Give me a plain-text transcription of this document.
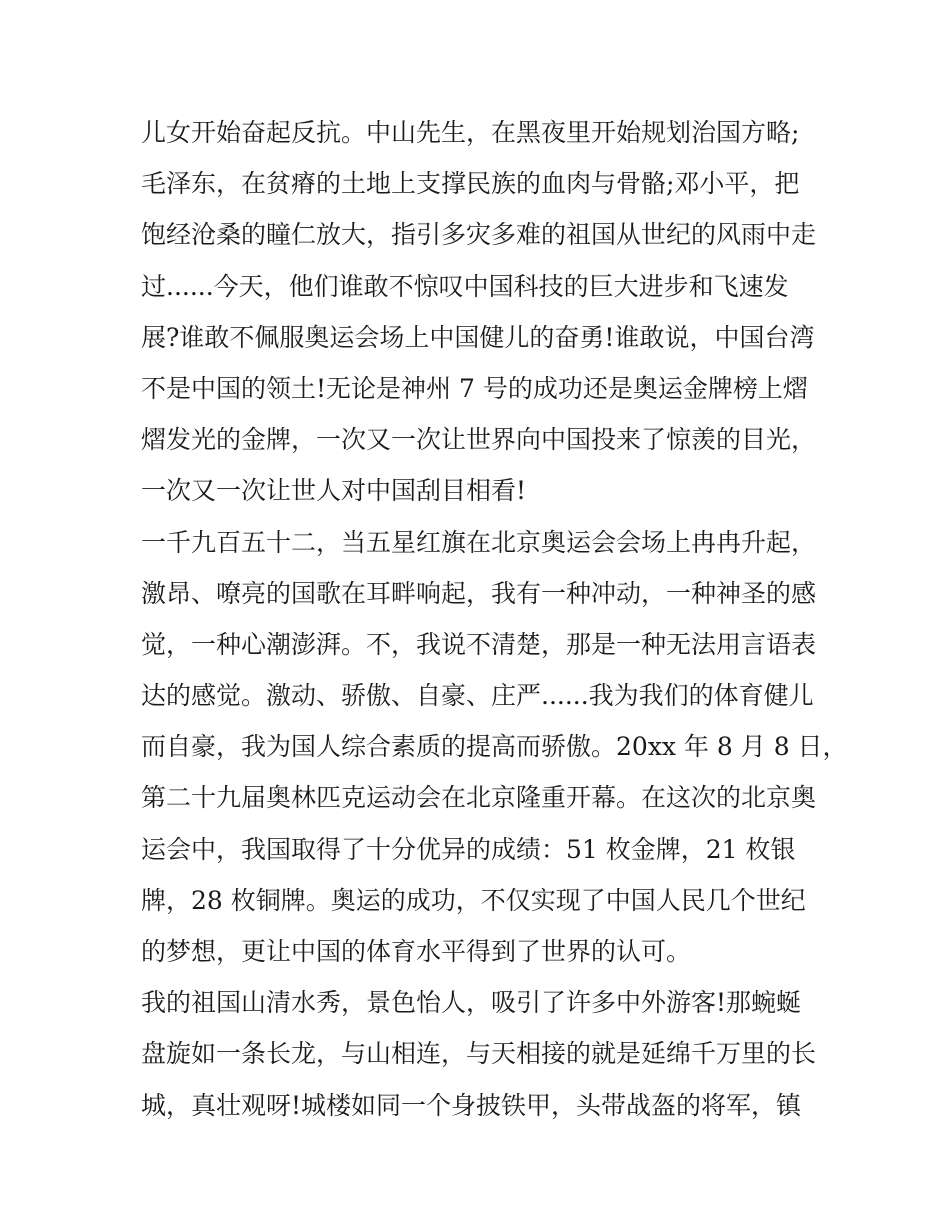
儿女开始奋起反抗。中山先生，在黑夜里开始规划治国方略;
毛泽东，在贫瘠的土地上支撑民族的血肉与骨骼;邓小平，把
饱经沧桑的瞳仁放大，指引多灾多难的祖国从世纪的风雨中走
过......今天，他们谁敢不惊叹中国科技的巨大进步和飞速发
展?谁敢不佩服奥运会场上中国健儿的奋勇!谁敢说，中国台湾
不是中国的领土!无论是神州 7 号的成功还是奥运金牌榜上熠
熠发光的金牌，一次又一次让世界向中国投来了惊羡的目光，
一次又一次让世人对中国刮目相看!
一千九百五十二，当五星红旗在北京奥运会会场上冉冉升起，
激昂、嘹亮的国歌在耳畔响起，我有一种冲动，一种神圣的感
觉，一种心潮澎湃。不，我说不清楚，那是一种无法用言语表
达的感觉。激动、骄傲、自豪、庄严......我为我们的体育健儿
而自豪，我为国人综合素质的提高而骄傲。20xx 年 8 月 8 日，
第二十九届奥林匹克运动会在北京隆重开幕。在这次的北京奥
运会中，我国取得了十分优异的成绩：51 枚金牌，21 枚银
牌，28 枚铜牌。奥运的成功，不仅实现了中国人民几个世纪
的梦想，更让中国的体育水平得到了世界的认可。
我的祖国山清水秀，景色怡人，吸引了许多中外游客!那蜿蜒
盘旋如一条长龙，与山相连，与天相接的就是延绵千万里的长
城，真壮观呀!城楼如同一个身披铁甲，头带战盔的将军，镇
